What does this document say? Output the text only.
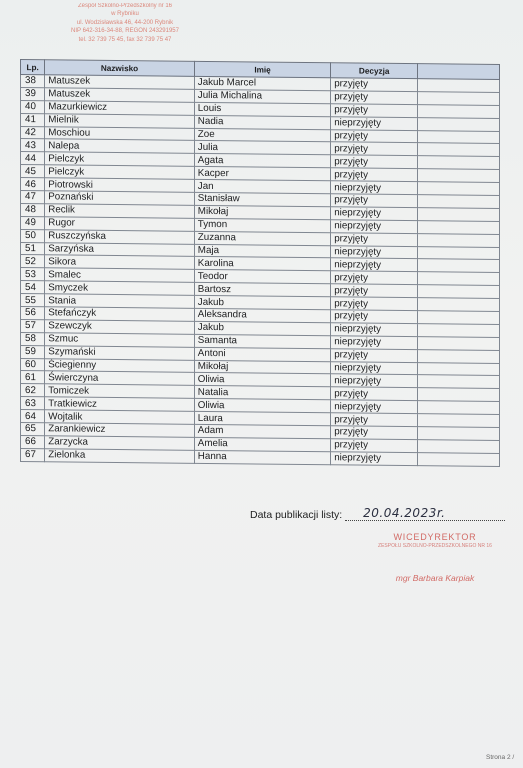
Zespół Szkolno-Przedszkolny nr 16
w Rybniku
ul. Wodzisławska 46, 44-200 Rybnik
NIP 642-316-34-88, REGON 243291957
tel. 32 739 75 45, fax 32 739 75 47
Lp.	Nazwisko	Imię	Decyzja	
38	Matuszek	Jakub Marcel	przyjęty	
39	Matuszek	Julia Michalina	przyjęty	
40	Mazurkiewicz	Louis	przyjęty	
41	Mielnik	Nadia	nieprzyjęty	
42	Moschiou	Zoe	przyjęty	
43	Nalepa	Julia	przyjęty	
44	Pielczyk	Agata	przyjęty	
45	Pielczyk	Kacper	przyjęty	
46	Piotrowski	Jan	nieprzyjęty	
47	Poznański	Stanisław	przyjęty	
48	Reclik	Mikołaj	nieprzyjęty	
49	Rugor	Tymon	nieprzyjęty	
50	Ruszczyńska	Zuzanna	przyjęty	
51	Sarzyńska	Maja	nieprzyjęty	
52	Sikora	Karolina	nieprzyjęty	
53	Smalec	Teodor	przyjęty	
54	Smyczek	Bartosz	przyjęty	
55	Stania	Jakub	przyjęty	
56	Stefańczyk	Aleksandra	przyjęty	
57	Szewczyk	Jakub	nieprzyjęty	
58	Szmuc	Samanta	nieprzyjęty	
59	Szymański	Antoni	przyjęty	
60	Ściegienny	Mikołaj	nieprzyjęty	
61	Świerczyna	Oliwia	nieprzyjęty	
62	Tomiczek	Natalia	przyjęty	
63	Tratkiewicz	Oliwia	nieprzyjęty	
64	Wojtalik	Laura	przyjęty	
65	Zarankiewicz	Adam	przyjęty	
66	Zarzycka	Amelia	przyjęty	
67	Zielonka	Hanna	nieprzyjęty	
Data publikacji listy: 20.04.2023r.
WICEDYREKTOR
ZESPOŁU SZKOLNO-PRZEDSZKOLNEGO NR 16
mgr Barbara Karpiak
Strona 2 /
